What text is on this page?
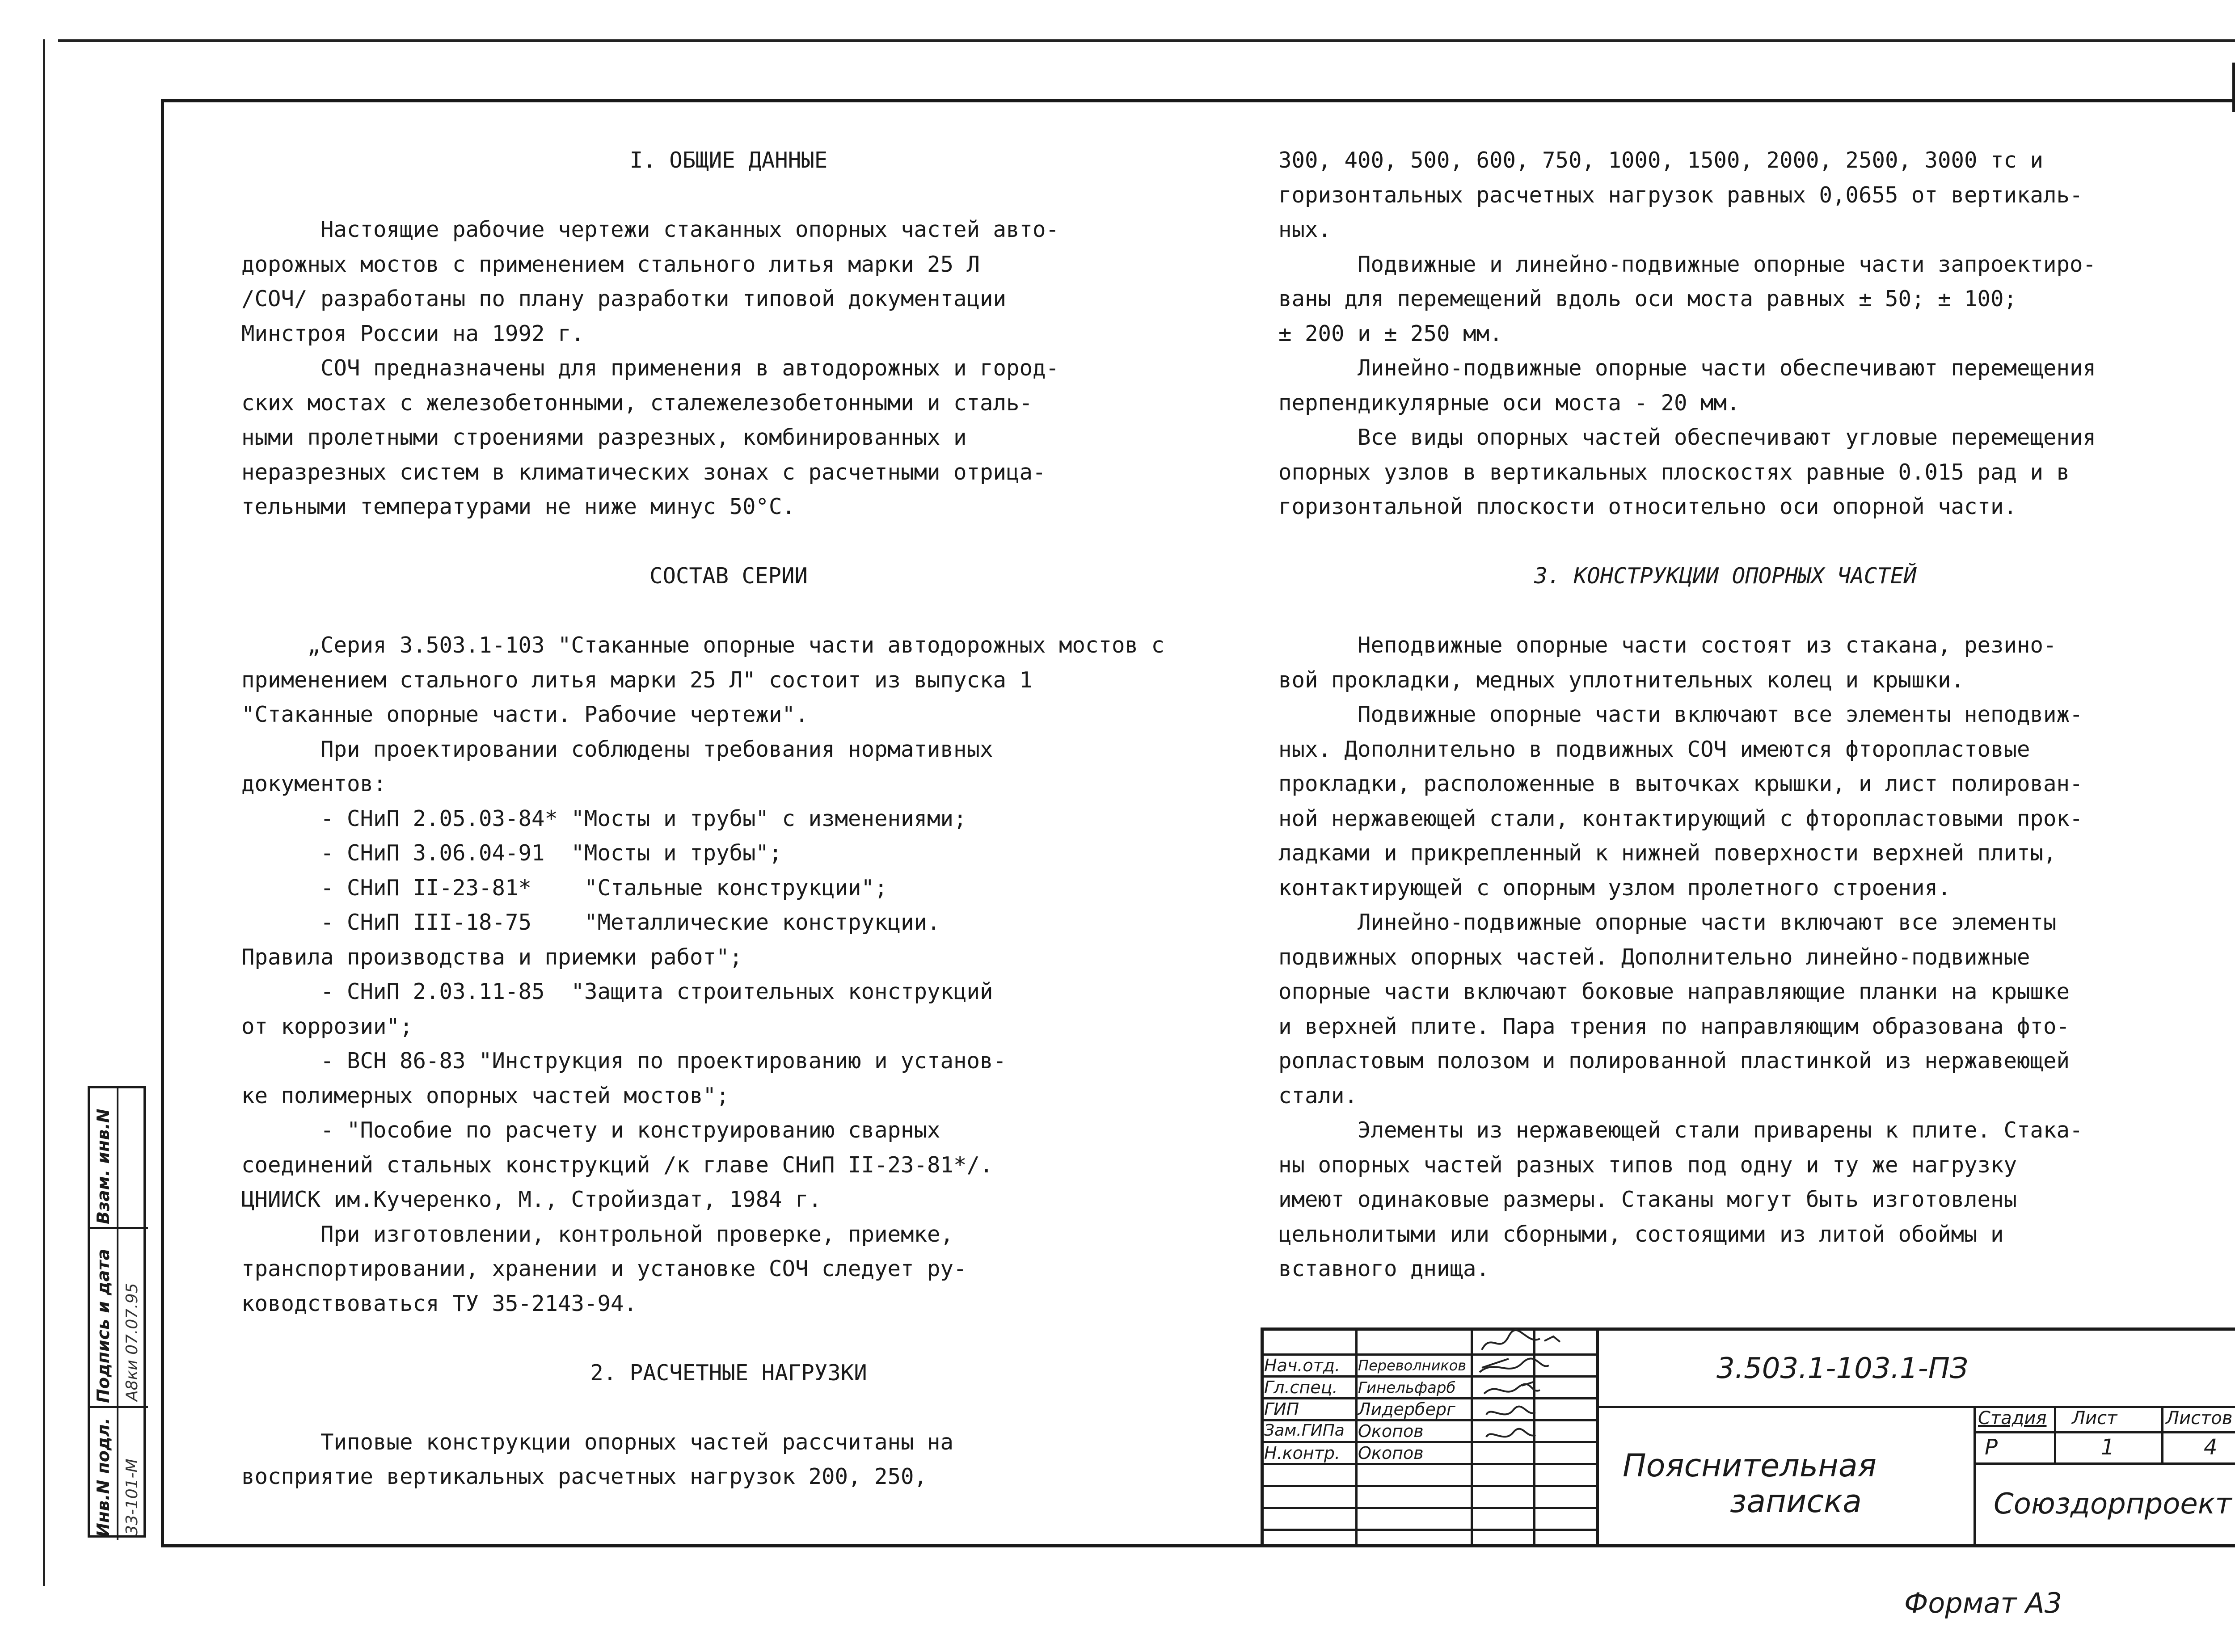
I. ОБЩИЕ ДАННЫЕ

Настоящие рабочие чертежи стаканных опорных частей авто-

дорожных мостов с применением стального литья марки 25 Л

/СОЧ/ разработаны по плану разработки типовой документации

Минстроя России на 1992 г.

СОЧ предназначены для применения в автодорожных и город-

ских мостах с железобетонными, сталежелезобетонными и сталь-

ными пролетными строениями разрезных, комбинированных и

неразрезных систем в климатических зонах с расчетными отрица-

тельными температурами не ниже минус 50°С.

СОСТАВ СЕРИИ

„Серия 3.503.1-103 "Стаканные опорные части автодорожных мостов с

применением стального литья марки 25 Л" состоит из выпуска 1

"Стаканные опорные части. Рабочие чертежи".

При проектировании соблюдены требования нормативных

документов:

- СНиП 2.05.03-84* "Мосты и трубы" с изменениями;

- СНиП 3.06.04-91  "Мосты и трубы";

- СНиП II-23-81*    "Стальные конструкции";

- СНиП III-18-75    "Металлические конструкции.

Правила производства и приемки работ";

- СНиП 2.03.11-85  "Защита строительных конструкций

от коррозии";

- ВСН 86-83 "Инструкция по проектированию и установ-

ке полимерных опорных частей мостов";

- "Пособие по расчету и конструированию сварных

соединений стальных конструкций /к главе СНиП II-23-81*/.

ЦНИИСК им.Кучеренко, М., Стройиздат, 1984 г.

При изготовлении, контрольной проверке, приемке,

транспортировании, хранении и установке СОЧ следует ру-

ководствоваться ТУ 35-2143-94.

2. РАСЧЕТНЫЕ НАГРУЗКИ

Типовые конструкции опорных частей рассчитаны на

восприятие вертикальных расчетных нагрузок 200, 250,

300, 400, 500, 600, 750, 1000, 1500, 2000, 2500, 3000 тс и

горизонтальных расчетных нагрузок равных 0,0655 от вертикаль-

ных.

Подвижные и линейно-подвижные опорные части запроектиро-

ваны для перемещений вдоль оси моста равных ± 50; ± 100;

± 200 и ± 250 мм.

Линейно-подвижные опорные части обеспечивают перемещения

перпендикулярные оси моста - 20 мм.

Все виды опорных частей обеспечивают угловые перемещения

опорных узлов в вертикальных плоскостях равные 0.015 рад и в

горизонтальной плоскости относительно оси опорной части.

3. КОНСТРУКЦИИ ОПОРНЫХ ЧАСТЕЙ

Неподвижные опорные части состоят из стакана, резино-

вой прокладки, медных уплотнительных колец и крышки.

Подвижные опорные части включают все элементы неподвиж-

ных. Дополнительно в подвижных СОЧ имеются фторопластовые

прокладки, расположенные в выточках крышки, и лист полирован-

ной нержавеющей стали, контактирующий с фторопластовыми прок-

ладками и прикрепленный к нижней поверхности верхней плиты,

контактирующей с опорным узлом пролетного строения.

Линейно-подвижные опорные части включают все элементы

подвижных опорных частей. Дополнительно линейно-подвижные

опорные части включают боковые направляющие планки на крышке

и верхней плите. Пара трения по направляющим образована фто-

ропластовым полозом и полированной пластинкой из нержавеющей

стали.

Элементы из нержавеющей стали приварены к плите. Стака-

ны опорных частей разных типов под одну и ту же нагрузку

имеют одинаковые размеры. Стаканы могут быть изготовлены

цельнолитыми или сборными, состоящими из литой обоймы и

вставного днища.

Инв.N подл. 33-101-М
Подпись и дата А8ки 07.07.95
Взам. инв.N
Нач.отд. Переволников
Гл.спец. Гинельфарб
ГИП	Лидерберг
Зам.ГИПа Окопов
Н.контр. Окопов
3.503.1-103.1-ПЗ
Пояснительная
записка
Стадия Лист	Листов
Р	1	4
Союздорпроект
Формат А3
